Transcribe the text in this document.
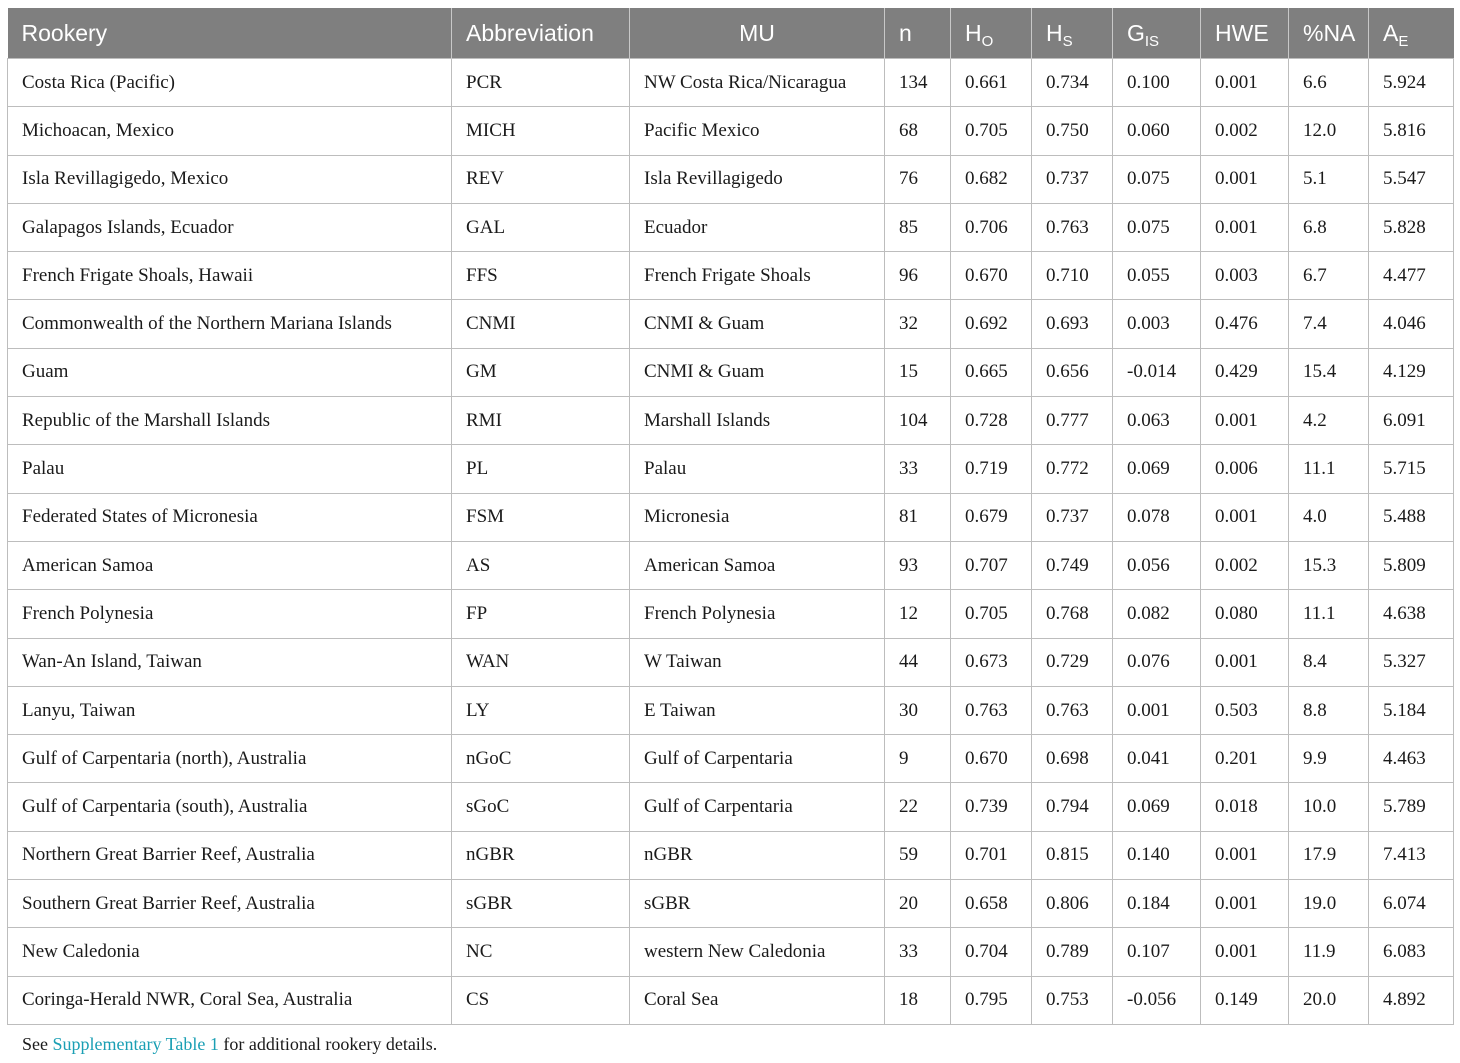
Rookery	Abbreviation	MU	n	$H_O$	$H_S$	$G_{IS}$	HWE	%NA	$A_E$
Costa Rica (Pacific)	PCR	NW Costa Rica/Nicaragua	134	0.661	0.734	0.100	0.001	6.6	5.924
Michoacan, Mexico	MICH	Pacific Mexico	68	0.705	0.750	0.060	0.002	12.0	5.816
Isla Revillagigedo, Mexico	REV	Isla Revillagigedo	76	0.682	0.737	0.075	0.001	5.1	5.547
Galapagos Islands, Ecuador	GAL	Ecuador	85	0.706	0.763	0.075	0.001	6.8	5.828
French Frigate Shoals, Hawaii	FFS	French Frigate Shoals	96	0.670	0.710	0.055	0.003	6.7	4.477
Commonwealth of the Northern Mariana Islands	CNMI	CNMI & Guam	32	0.692	0.693	0.003	0.476	7.4	4.046
Guam	GM	CNMI & Guam	15	0.665	0.656	-0.014	0.429	15.4	4.129
Republic of the Marshall Islands	RMI	Marshall Islands	104	0.728	0.777	0.063	0.001	4.2	6.091
Palau	PL	Palau	33	0.719	0.772	0.069	0.006	11.1	5.715
Federated States of Micronesia	FSM	Micronesia	81	0.679	0.737	0.078	0.001	4.0	5.488
American Samoa	AS	American Samoa	93	0.707	0.749	0.056	0.002	15.3	5.809
French Polynesia	FP	French Polynesia	12	0.705	0.768	0.082	0.080	11.1	4.638
Wan-An Island, Taiwan	WAN	W Taiwan	44	0.673	0.729	0.076	0.001	8.4	5.327
Lanyu, Taiwan	LY	E Taiwan	30	0.763	0.763	0.001	0.503	8.8	5.184
Gulf of Carpentaria (north), Australia	nGoC	Gulf of Carpentaria	9	0.670	0.698	0.041	0.201	9.9	4.463
Gulf of Carpentaria (south), Australia	sGoC	Gulf of Carpentaria	22	0.739	0.794	0.069	0.018	10.0	5.789
Northern Great Barrier Reef, Australia	nGBR	nGBR	59	0.701	0.815	0.140	0.001	17.9	7.413
Southern Great Barrier Reef, Australia	sGBR	sGBR	20	0.658	0.806	0.184	0.001	19.0	6.074
New Caledonia	NC	western New Caledonia	33	0.704	0.789	0.107	0.001	11.9	6.083
Coringa-Herald NWR, Coral Sea, Australia	CS	Coral Sea	18	0.795	0.753	-0.056	0.149	20.0	4.892
See Supplementary Table 1 for additional rookery details.
